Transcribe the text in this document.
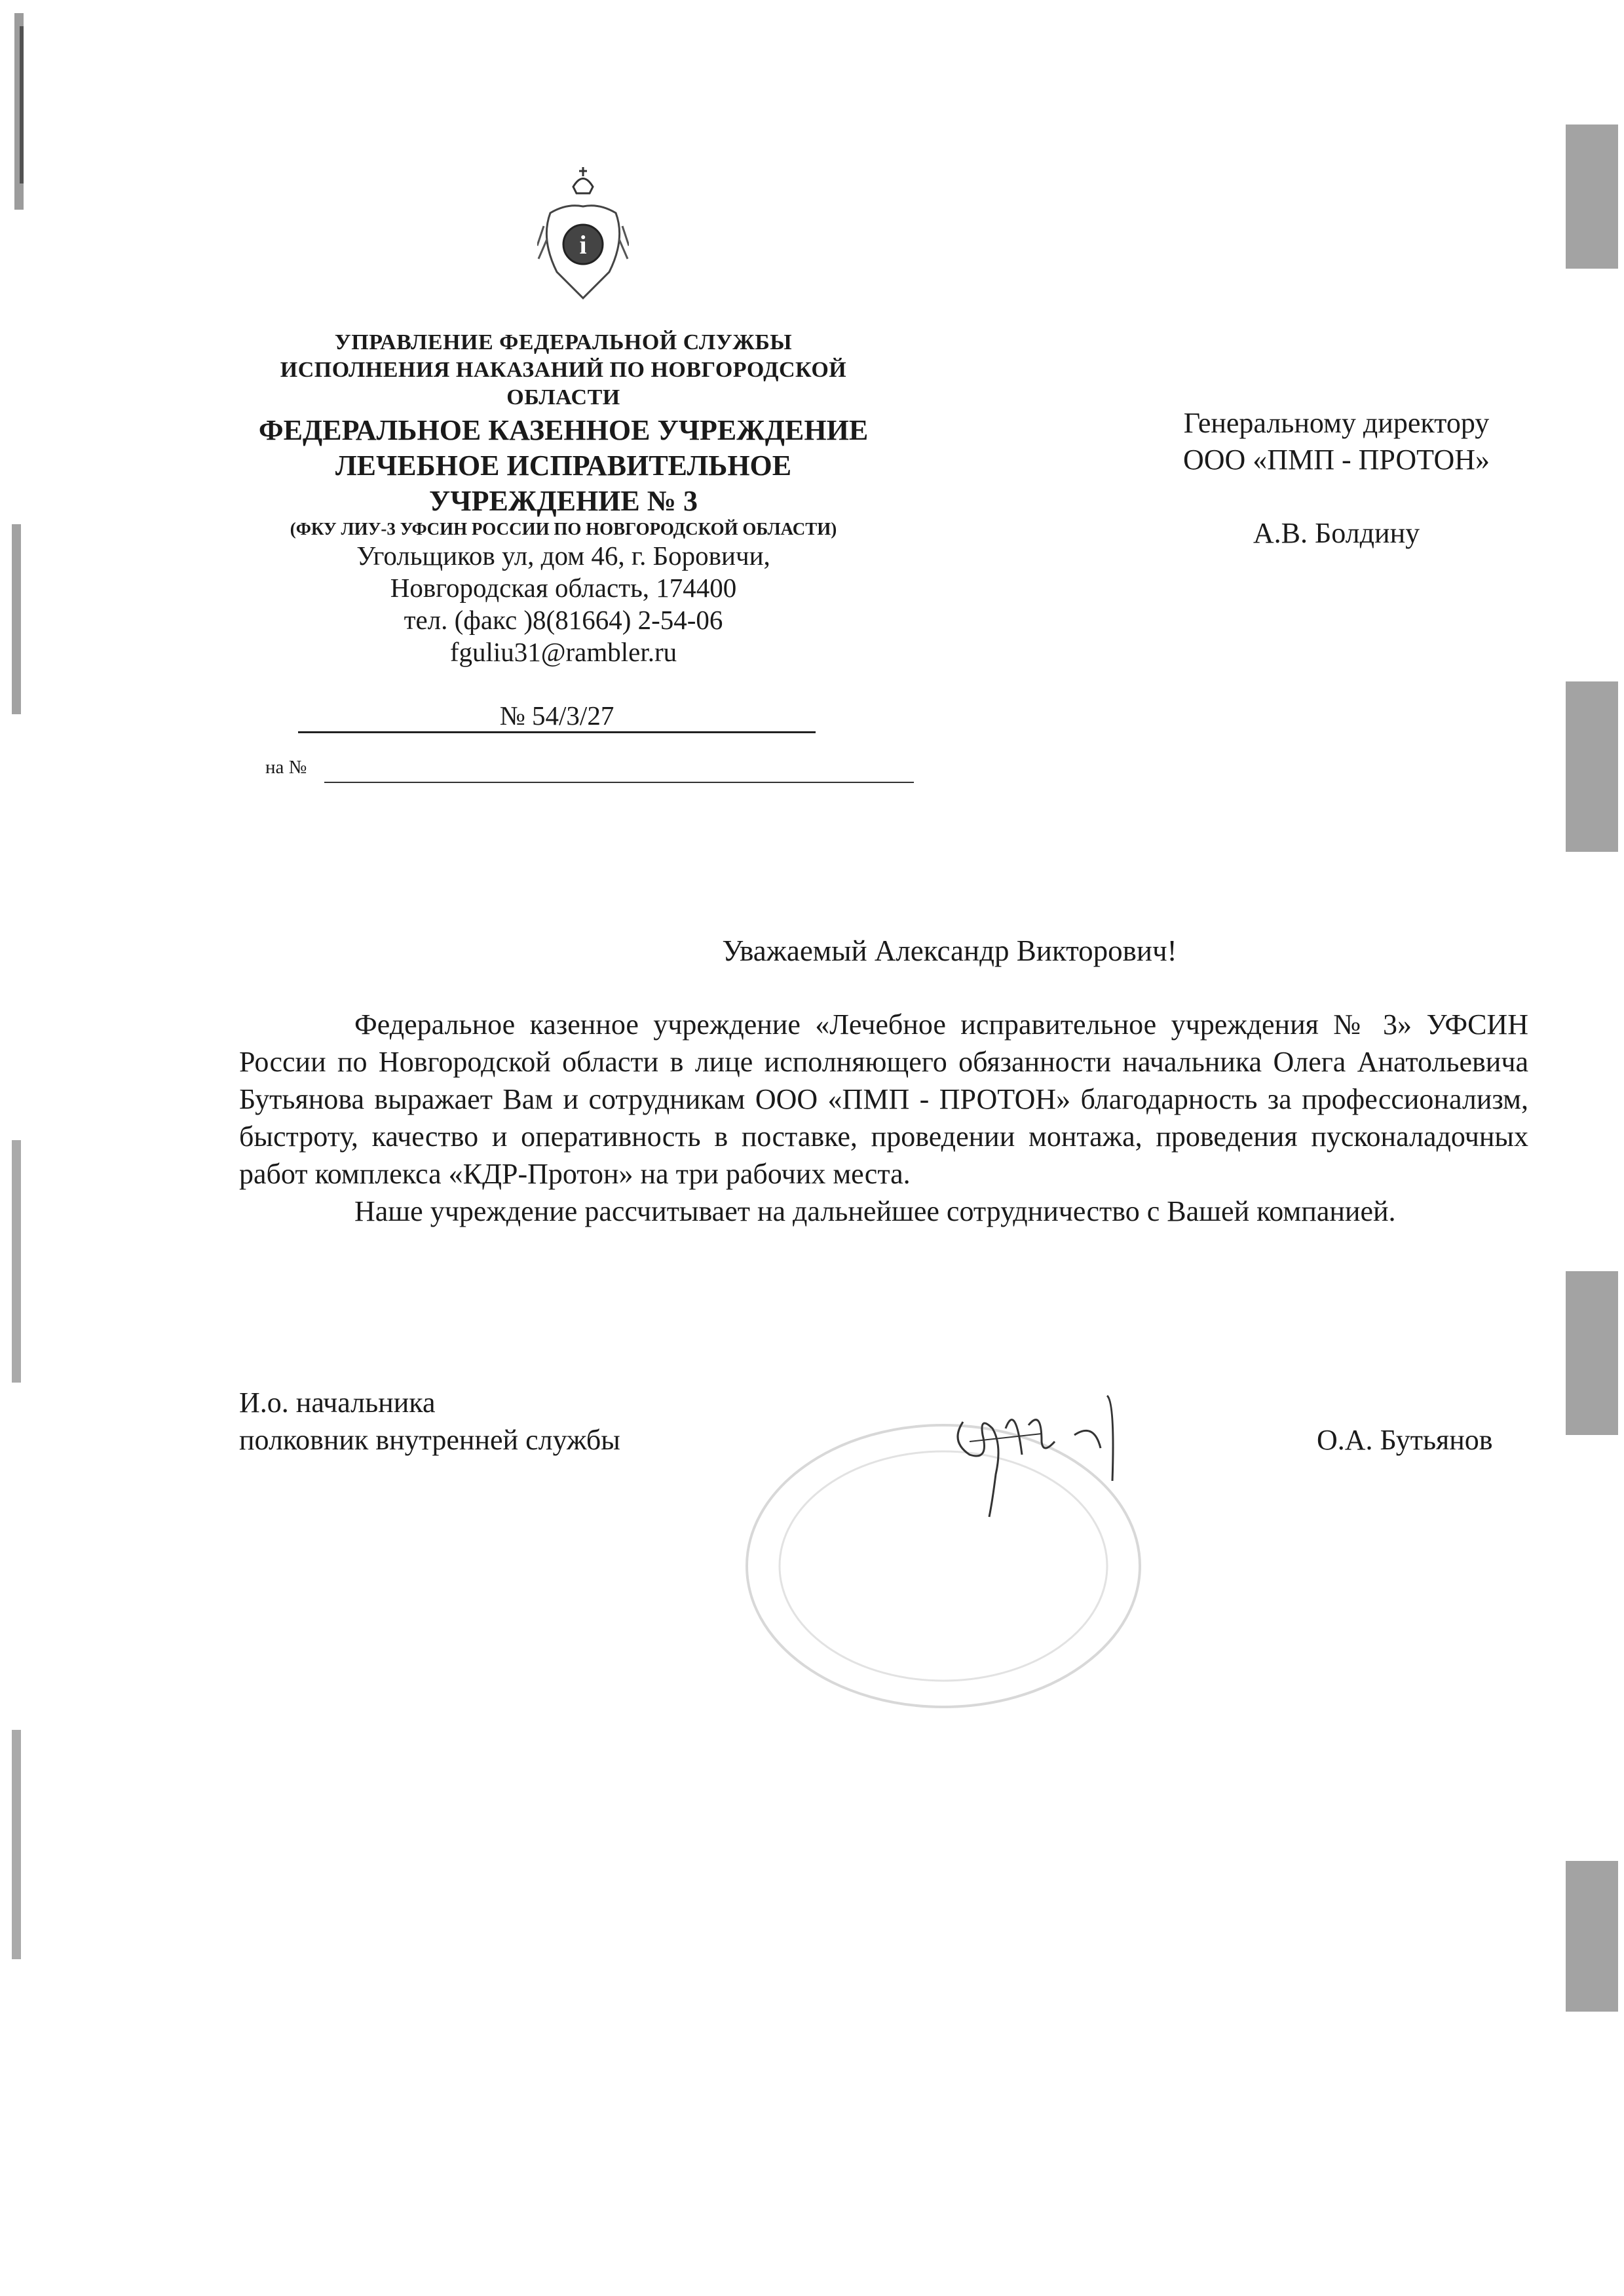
i
УПРАВЛЕНИЕ ФЕДЕРАЛЬНОЙ СЛУЖБЫ
ИСПОЛНЕНИЯ НАКАЗАНИЙ ПО НОВГОРОДСКОЙ
ОБЛАСТИ
ФЕДЕРАЛЬНОЕ КАЗЕННОЕ УЧРЕЖДЕНИЕ
ЛЕЧЕБНОЕ ИСПРАВИТЕЛЬНОЕ
УЧРЕЖДЕНИЕ № 3
(ФКУ ЛИУ-3 УФСИН РОССИИ ПО НОВГОРОДСКОЙ ОБЛАСТИ)
Угольщиков ул, дом 46, г. Боровичи,
Новгородская область, 174400
тел. (факс )8(81664) 2-54-06
fguliu31@rambler.ru
№ 54/3/27
на №
Генеральному директору
ООО «ПМП - ПРОТОН»
А.В. Болдину
Уважаемый Александр Викторович!

Федеральное казенное учреждение «Лечебное исправительное учреждения № 3» УФСИН России по Новгородской области в лице исполняющего обязанности начальника Олега Анатольевича Бутьянова выражает Вам и сотрудникам ООО «ПМП - ПРОТОН» благодарность за профессионализм, быстроту, качество и оперативность в поставке, проведении монтажа, проведения пусконаладочных работ комплекса «КДР-Протон» на три рабочих места.

Наше учреждение рассчитывает на дальнейшее сотрудничество с Вашей компанией.

И.о. начальника
полковник внутренней службы	О.А. Бутьянов
